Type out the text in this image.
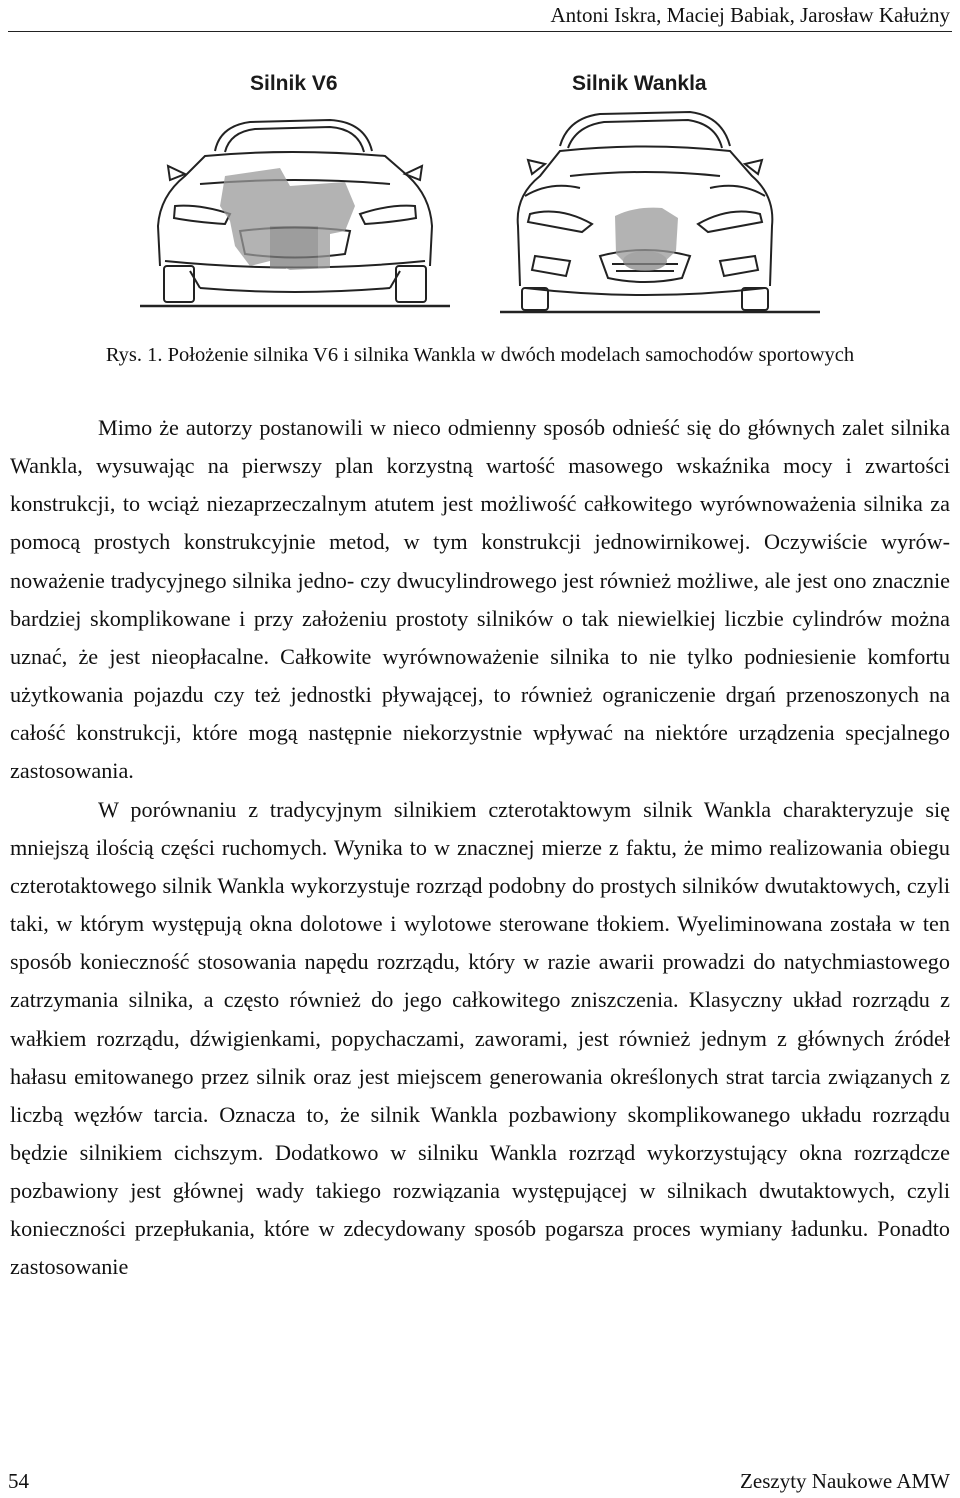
Antoni Iskra, Maciej Babiak, Jarosław Kałużny
Silnik V6	Silnik Wankla
Rys. 1. Położenie silnika V6 i silnika Wankla w dwóch modelach samochodów sportowych

Mimo że autorzy postanowili w nieco odmienny sposób odnieść się do głównych zalet silnika Wankla, wysuwając na pierwszy plan korzystną wartość masowego wskaźnika mocy i zwartości konstrukcji, to wciąż niezaprzeczalnym atutem jest możliwość całkowitego wyrównoważenia silnika za pomocą prostych konstrukcyjnie metod, w tym konstrukcji jednowirnikowej. Oczywiście wyrównoważenie tradycyjnego silnika jedno- czy dwucylindrowego jest również możliwe, ale jest ono znacznie bardziej skomplikowane i przy założeniu prostoty silników o tak niewielkiej liczbie cylindrów można uznać, że jest nieopłacalne. Całkowite wyrównoważenie silnika to nie tylko podniesienie komfortu użytkowania pojazdu czy też jednostki pływającej, to również ograniczenie drgań przenoszonych na całość konstrukcji, które mogą następnie niekorzystnie wpływać na niektóre urządzenia specjalnego zastosowania.

W porównaniu z tradycyjnym silnikiem czterotaktowym silnik Wankla charakteryzuje się mniejszą ilością części ruchomych. Wynika to w znacznej mierze z faktu, że mimo realizowania obiegu czterotaktowego silnik Wankla wykorzystuje rozrząd podobny do prostych silników dwutaktowych, czyli taki, w którym występują okna dolotowe i wylotowe sterowane tłokiem. Wyeliminowana została w ten sposób konieczność stosowania napędu rozrządu, który w razie awarii prowadzi do natychmiastowego zatrzymania silnika, a często również do jego całkowitego zniszczenia. Klasyczny układ rozrządu z wałkiem rozrządu, dźwigienkami, popychaczami, zaworami, jest również jednym z głównych źródeł hałasu emitowanego przez silnik oraz jest miejscem generowania określonych strat tarcia związanych z liczbą węzłów tarcia. Oznacza to, że silnik Wankla pozbawiony skomplikowanego układu rozrządu będzie silnikiem cichszym. Dodatkowo w silniku Wankla rozrząd wykorzystujący okna rozrządcze pozbawiony jest głównej wady takiego rozwiązania występującej w silnikach dwutaktowych, czyli konieczności przepłukania, które w zdecydowany sposób pogarsza proces wymiany ładunku. Ponadto zastosowanie

54	Zeszyty Naukowe AMW
